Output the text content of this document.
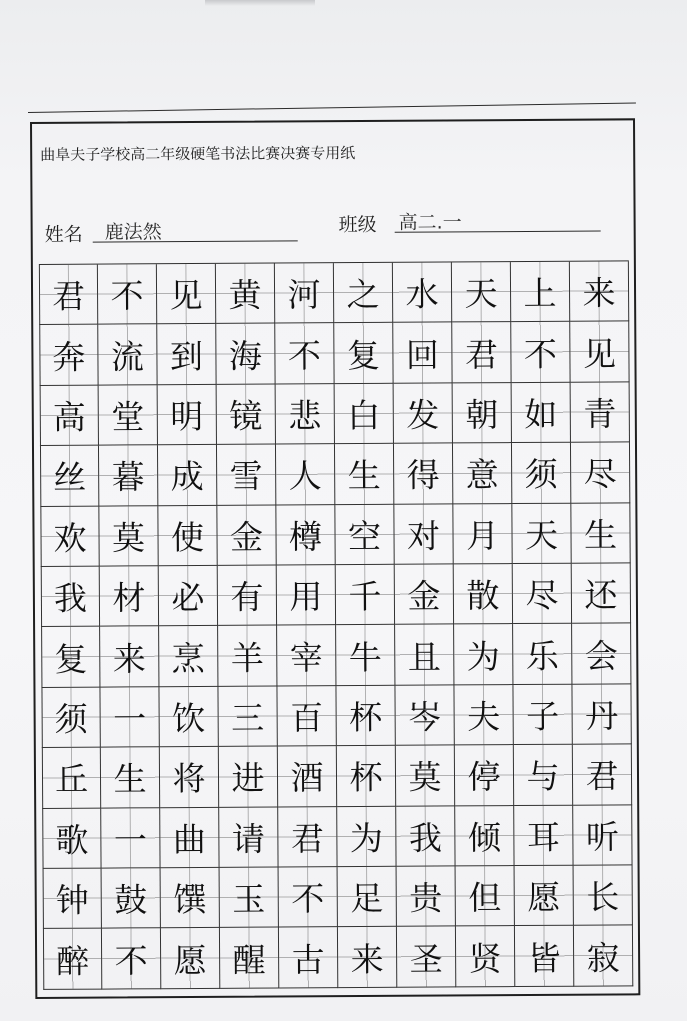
曲阜夫子学校高二年级硬笔书法比赛决赛专用纸
姓名 鹿法然	班级 高二.一
君 不 见 黄 河 之 水 天 上 来
奔 流 到 海 不 复 回 君 不 见
高 堂 明 镜 悲 白 发 朝 如 青
丝 暮 成 雪 人 生 得 意 须 尽
欢 莫 使 金 樽 空 对 月 天 生
我 材 必 有 用 千 金 散 尽 还
复 来 烹 羊 宰 牛 且 为 乐 会
须 一 饮 三 百 杯 岑 夫 子 丹
丘 生 将 进 酒 杯 莫 停 与 君
歌 一 曲 请 君 为 我 倾 耳 听
钟 鼓 馔 玉 不 足 贵 但 愿 长
醉 不 愿 醒 古 来 圣 贤 皆 寂
